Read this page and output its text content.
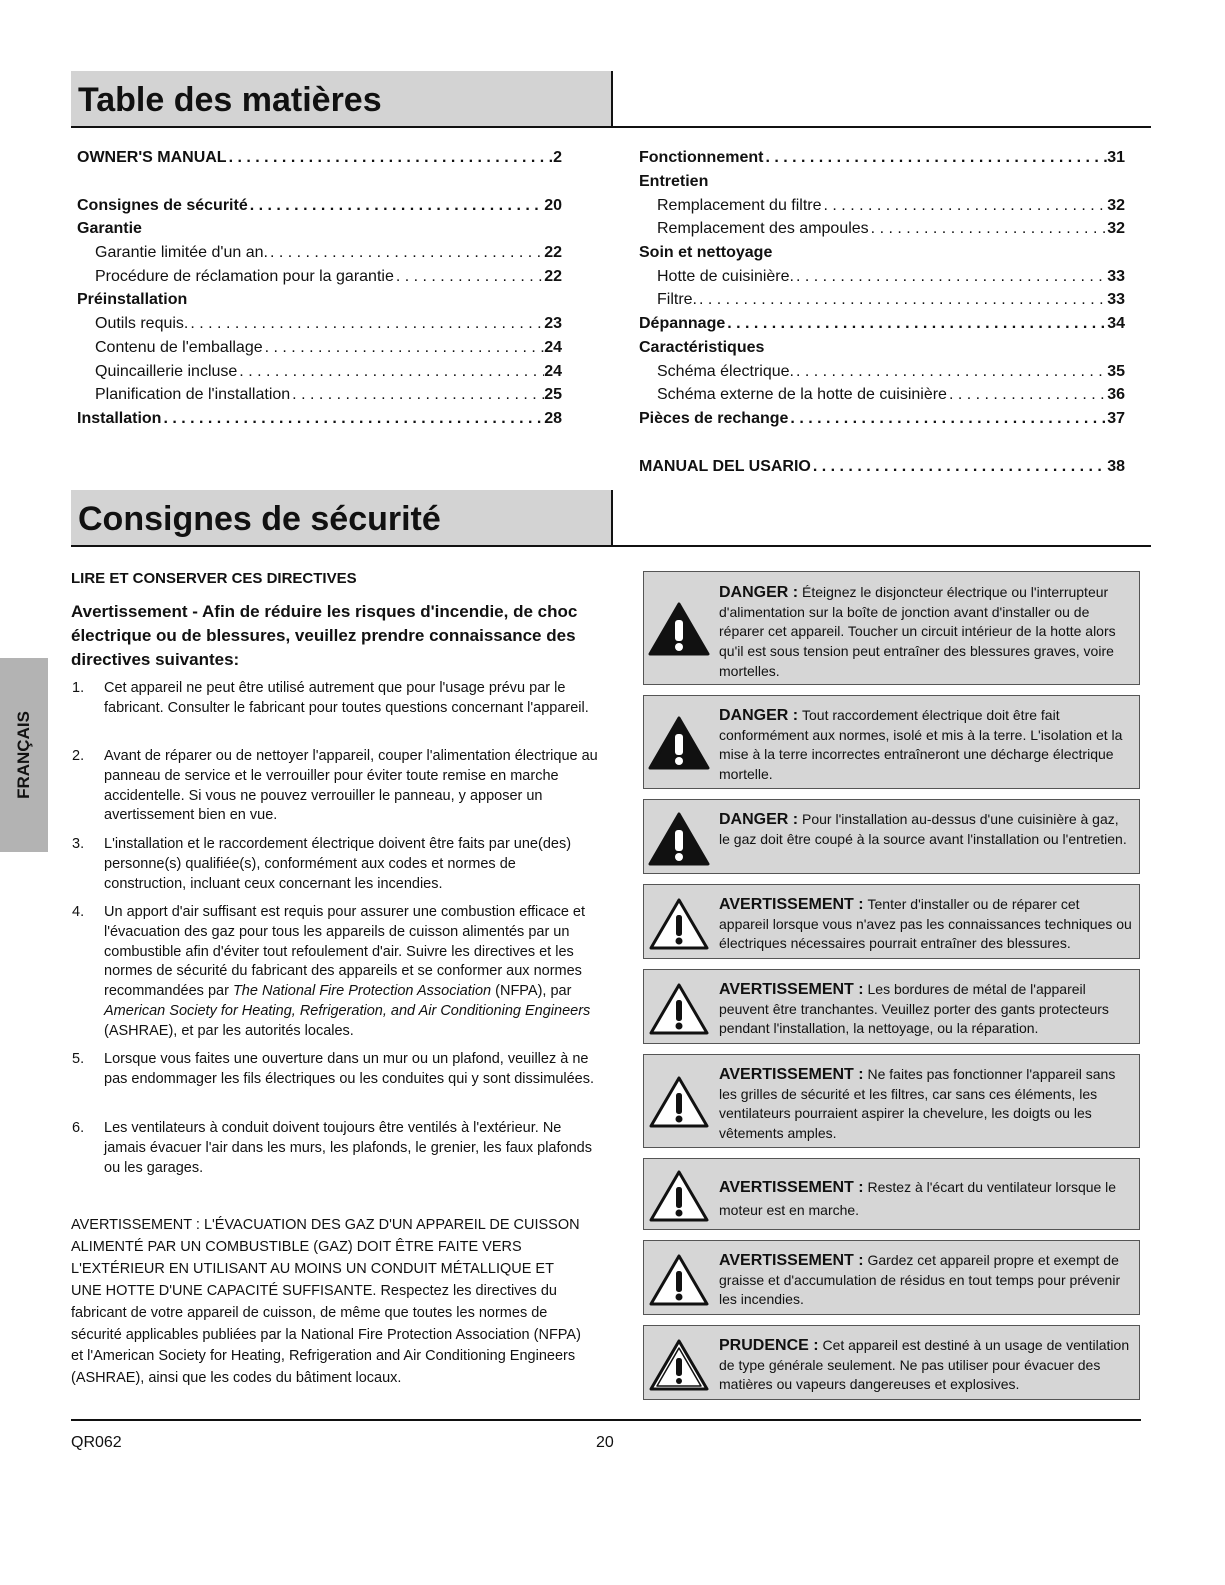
Table des matières
OWNER'S MANUAL . . .	2
Consignes de sécurité . . .	20
Garantie
Garantie limitée d'un an. . . .	22
Procédure de réclamation pour la garantie . . .	22
Préinstallation
Outils requis. . . .	23
Contenu de l'emballage . . .	24
Quincaillerie incluse . . .	24
Planification de l'installation . . .	25
Installation . . .	28
Fonctionnement . . .	31
Entretien
Remplacement du filtre . . .	32
Remplacement des ampoules . . .	32
Soin et nettoyage
Hotte de cuisinière. . . .	33
Filtre. . . .	33
Dépannage . . .	34
Caractéristiques
Schéma électrique. . . .	35
Schéma externe de la hotte de cuisinière . . .	36
Pièces de rechange . . .	37
MANUAL DEL USARIO . . .	38
Consignes de sécurité
FRANÇAIS
LIRE ET CONSERVER CES DIRECTIVES
Avertissement - Afin de réduire les risques d'incendie, de choc électrique ou de blessures, veuillez prendre connaissance des directives suivantes:
1.	Cet appareil ne peut être utilisé autrement que pour l'usage prévu par le fabricant. Consulter le fabricant pour toutes questions concernant l'appareil.
2.	Avant de réparer ou de nettoyer l'appareil, couper l'alimentation électrique au panneau de service et le verrouiller pour éviter toute remise en marche accidentelle. Si vous ne pouvez verrouiller le panneau, y apposer un avertissement bien en vue.
3.	L'installation et le raccordement électrique doivent être faits par une(des) personne(s) qualifiée(s), conformément aux codes et normes de construction, incluant ceux concernant les incendies.
4.	Un apport d'air suffisant est requis pour assurer une combustion efficace et l'évacuation des gaz pour tous les appareils de cuisson alimentés par un combustible afin d'éviter tout refoulement d'air. Suivre les directives et les normes de sécurité du fabricant des appareils et se conformer aux normes recommandées par The National Fire Protection Association (NFPA), par American Society for Heating, Refrigeration, and Air Conditioning Engineers (ASHRAE), et par les autorités locales.
5.	Lorsque vous faites une ouverture dans un mur ou un plafond, veuillez à ne pas endommager les fils électriques ou les conduites qui y sont dissimulées.
6.	Les ventilateurs à conduit doivent toujours être ventilés à l'extérieur. Ne jamais évacuer l'air dans les murs, les plafonds, le grenier, les faux plafonds ou les garages.
AVERTISSEMENT : L'ÉVACUATION DES GAZ D'UN APPAREIL DE CUISSON ALIMENTÉ PAR UN COMBUSTIBLE (GAZ) DOIT ÊTRE FAITE VERS L'EXTÉRIEUR EN UTILISANT AU MOINS UN CONDUIT MÉTALLIQUE ET UNE HOTTE D'UNE CAPACITÉ SUFFISANTE. Respectez les directives du fabricant de votre appareil de cuisson, de même que toutes les normes de sécurité applicables publiées par la National Fire Protection Association (NFPA) et l'American Society for Heating, Refrigeration and Air Conditioning Engineers (ASHRAE), ainsi que les codes du bâtiment locaux.
DANGER : Éteignez le disjoncteur électrique ou l'interrupteur d'alimentation sur la boîte de jonction avant d'installer ou de réparer cet appareil. Toucher un circuit intérieur de la hotte alors qu'il est sous tension peut entraîner des blessures graves, voire mortelles.
DANGER : Tout raccordement électrique doit être fait conformément aux normes, isolé et mis à la terre. L'isolation et la mise à la terre incorrectes entraîneront une décharge électrique mortelle.
DANGER : Pour l'installation au-dessus d'une cuisinière à gaz, le gaz doit être coupé à la source avant l'installation ou l'entretien.
AVERTISSEMENT : Tenter d'installer ou de réparer cet appareil lorsque vous n'avez pas les connaissances techniques ou électriques nécessaires pourrait entraîner des blessures.
AVERTISSEMENT : Les bordures de métal de l'appareil peuvent être tranchantes. Veuillez porter des gants protecteurs pendant l'installation, la nettoyage, ou la réparation.
AVERTISSEMENT : Ne faites pas fonctionner l'appareil sans les grilles de sécurité et les filtres, car sans ces éléments, les ventilateurs pourraient aspirer la chevelure, les doigts ou les vêtements amples.
AVERTISSEMENT : Restez à l'écart du ventilateur lorsque le moteur est en marche.
AVERTISSEMENT : Gardez cet appareil propre et exempt de graisse et d'accumulation de résidus en tout temps pour prévenir les incendies.
PRUDENCE : Cet appareil est destiné à un usage de ventilation de type générale seulement. Ne pas utiliser pour évacuer des matières ou vapeurs dangereuses et explosives.
QR062	20
